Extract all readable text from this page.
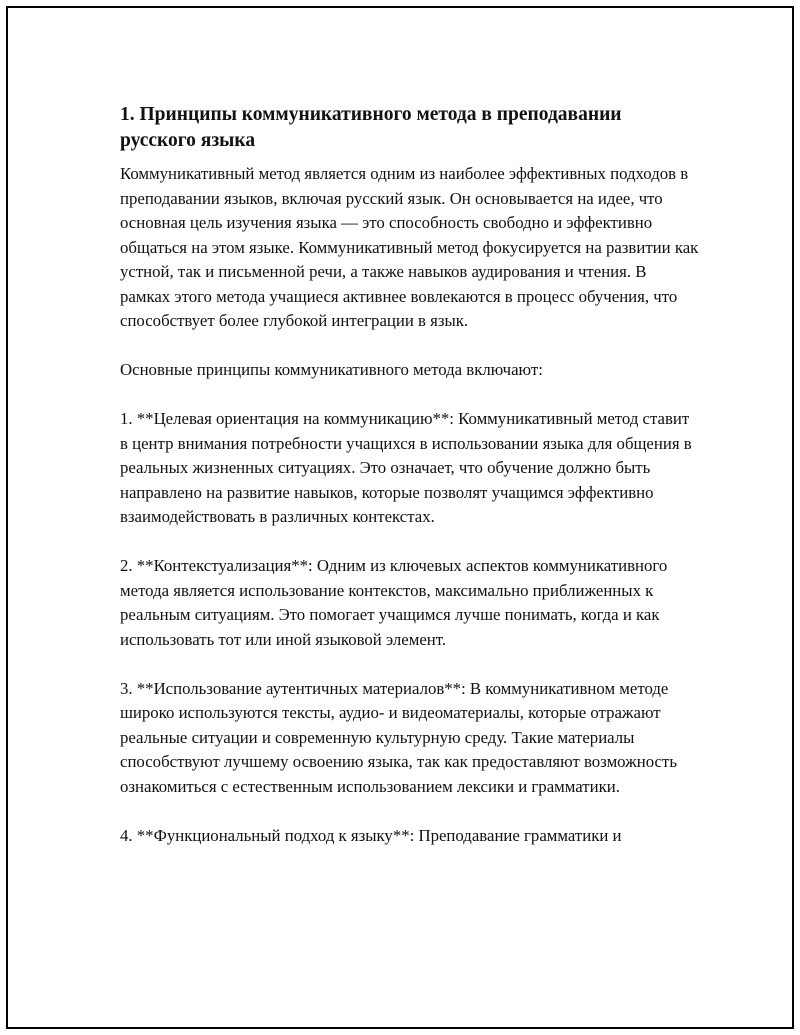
1. Принципы коммуникативного метода в преподавании русского языка

Коммуникативный метод является одним из наиболее эффективных подходов в преподавании языков, включая русский язык. Он основывается на идее, что основная цель изучения языка — это способность свободно и эффективно общаться на этом языке. Коммуникативный метод фокусируется на развитии как устной, так и письменной речи, а также навыков аудирования и чтения. В рамках этого метода учащиеся активнее вовлекаются в процесс обучения, что способствует более глубокой интеграции в язык.

Основные принципы коммуникативного метода включают:

1. **Целевая ориентация на коммуникацию**: Коммуникативный метод ставит в центр внимания потребности учащихся в использовании языка для общения в реальных жизненных ситуациях. Это означает, что обучение должно быть направлено на развитие навыков, которые позволят учащимся эффективно взаимодействовать в различных контекстах.

2. **Контекстуализация**: Одним из ключевых аспектов коммуникативного метода является использование контекстов, максимально приближенных к реальным ситуациям. Это помогает учащимся лучше понимать, когда и как использовать тот или иной языковой элемент.

3. **Использование аутентичных материалов**: В коммуникативном методе широко используются тексты, аудио- и видеоматериалы, которые отражают реальные ситуации и современную культурную среду. Такие материалы способствуют лучшему освоению языка, так как предоставляют возможность ознакомиться с естественным использованием лексики и грамматики.

4. **Функциональный подход к языку**: Преподавание грамматики и
